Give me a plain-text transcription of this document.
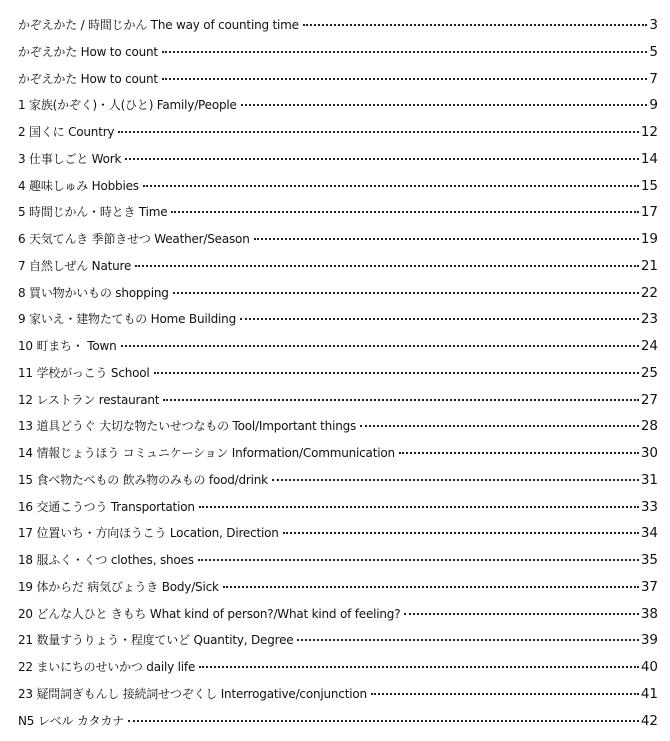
かぞえかた / 時間じかん The way of counting time	3
かぞえかた How to count	5
かぞえかた How to count	7
1 家族(かぞく)・人(ひと) Family/People	9
2 国くに Country	12
3 仕事しごと Work	14
4 趣味しゅみ Hobbies	15
5 時間じかん・時とき Time	17
6 天気てんき 季節きせつ Weather/Season	19
7 自然しぜん Nature	21
8 買い物かいもの shopping	22
9 家いえ・建物たてもの Home Building	23
10 町まち・ Town	24
11 学校がっこう School	25
12 レストラン restaurant	27
13 道具どうぐ 大切な物たいせつなもの Tool/Important things	28
14 情報じょうほう コミュニケーション Information/Communication	30
15 食べ物たべもの 飲み物のみもの food/drink	31
16 交通こうつう Transportation	33
17 位置いち・方向ほうこう Location, Direction	34
18 服ふく・くつ clothes, shoes	35
19 体からだ 病気びょうき Body/Sick	37
20 どんな人ひと きもち What kind of person?/What kind of feeling?	38
21 数量すうりょう・程度ていど Quantity, Degree	39
22 まいにちのせいかつ daily life	40
23 疑問詞ぎもんし 接続詞せつぞくし Interrogative/conjunction	41
N5 レベル カタカナ	42
